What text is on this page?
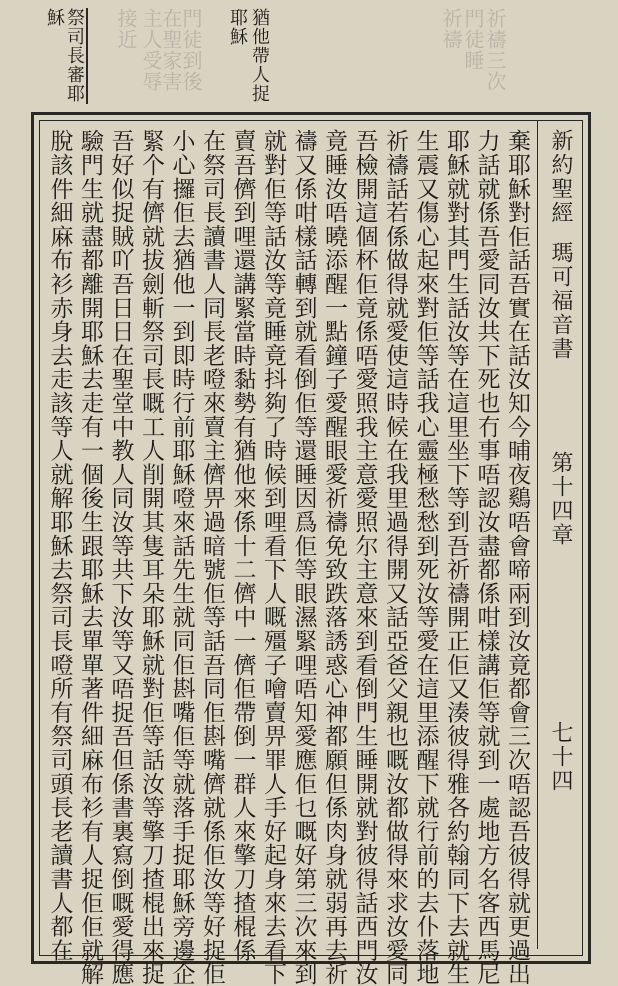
主人受辱
在聖家害
門徒到後
接近	祈禱
門徒睡
祈禱三次
祭司長審耶穌	猶他帶人捉耶穌
新約聖經
瑪可福音書
第十四章
七十四
棄耶穌對佢話吾實在話汝知今晡夜鷄唔會啼兩到汝竟都會三次唔認吾彼得就更過出
力話就係吾愛同汝共下死也冇事唔認汝盡都係咁樣講佢等就到一處地方名客西馬尼
耶穌就對其門生話汝等在這里坐下等到吾祈禱開正佢又湊彼得雅各約翰同下去就生
生震又傷心起來對佢等話我心靈極愁愁到死汝等愛在這里添醒下就行前的去仆落地
祈禱話若係做得就愛使這時候在我里過得開又話亞爸父親也嘅汝都做得來求汝愛同
吾檢開這個杯佢竟係唔愛照我主意愛照尔主意來到看倒門生睡開就對彼得話西門汝
竟睡汝唔曉添醒一點鐘子愛醒眼愛祈禱免致跌落誘惑心神都願但係肉身就弱再去祈
禱又係咁樣話轉到就看倒佢等還睡因爲佢等眼濕緊哩唔知愛應佢乜嘅好第三次來到
就對佢等話汝等竟睡竟抖夠了時候到哩看下人嘅殭子噲賣畀罪人手好起身來去看下
賣吾儕到哩還講緊當時黏勢有猶他來係十二儕中一儕佢帶倒一群人來擎刀揸棍係
在祭司長讀書人同長老噔來賣主儕畀過暗號佢等話吾同佢斟嘴儕就係佢汝等好捉佢
小心攞佢去猶他一到即時行前耶穌噔來話先生就同佢斟嘴佢等就落手捉耶穌旁邊企
緊个有儕就拔劍斬祭司長嘅工人削開其隻耳朵耶穌就對佢等話汝等擎刀揸棍出來捉
吾好似捉賊吖吾日日在聖堂中教人同汝等共下汝等又唔捉吾但係書裏寫倒嘅愛得應
驗門生就盡都離開耶穌去走有一個後生跟耶穌去單單著件細麻布衫有人捉佢佢就解
脫該件細麻布衫赤身去走該等人就解耶穌去祭司長噔所有祭司頭長老讀書人都在
